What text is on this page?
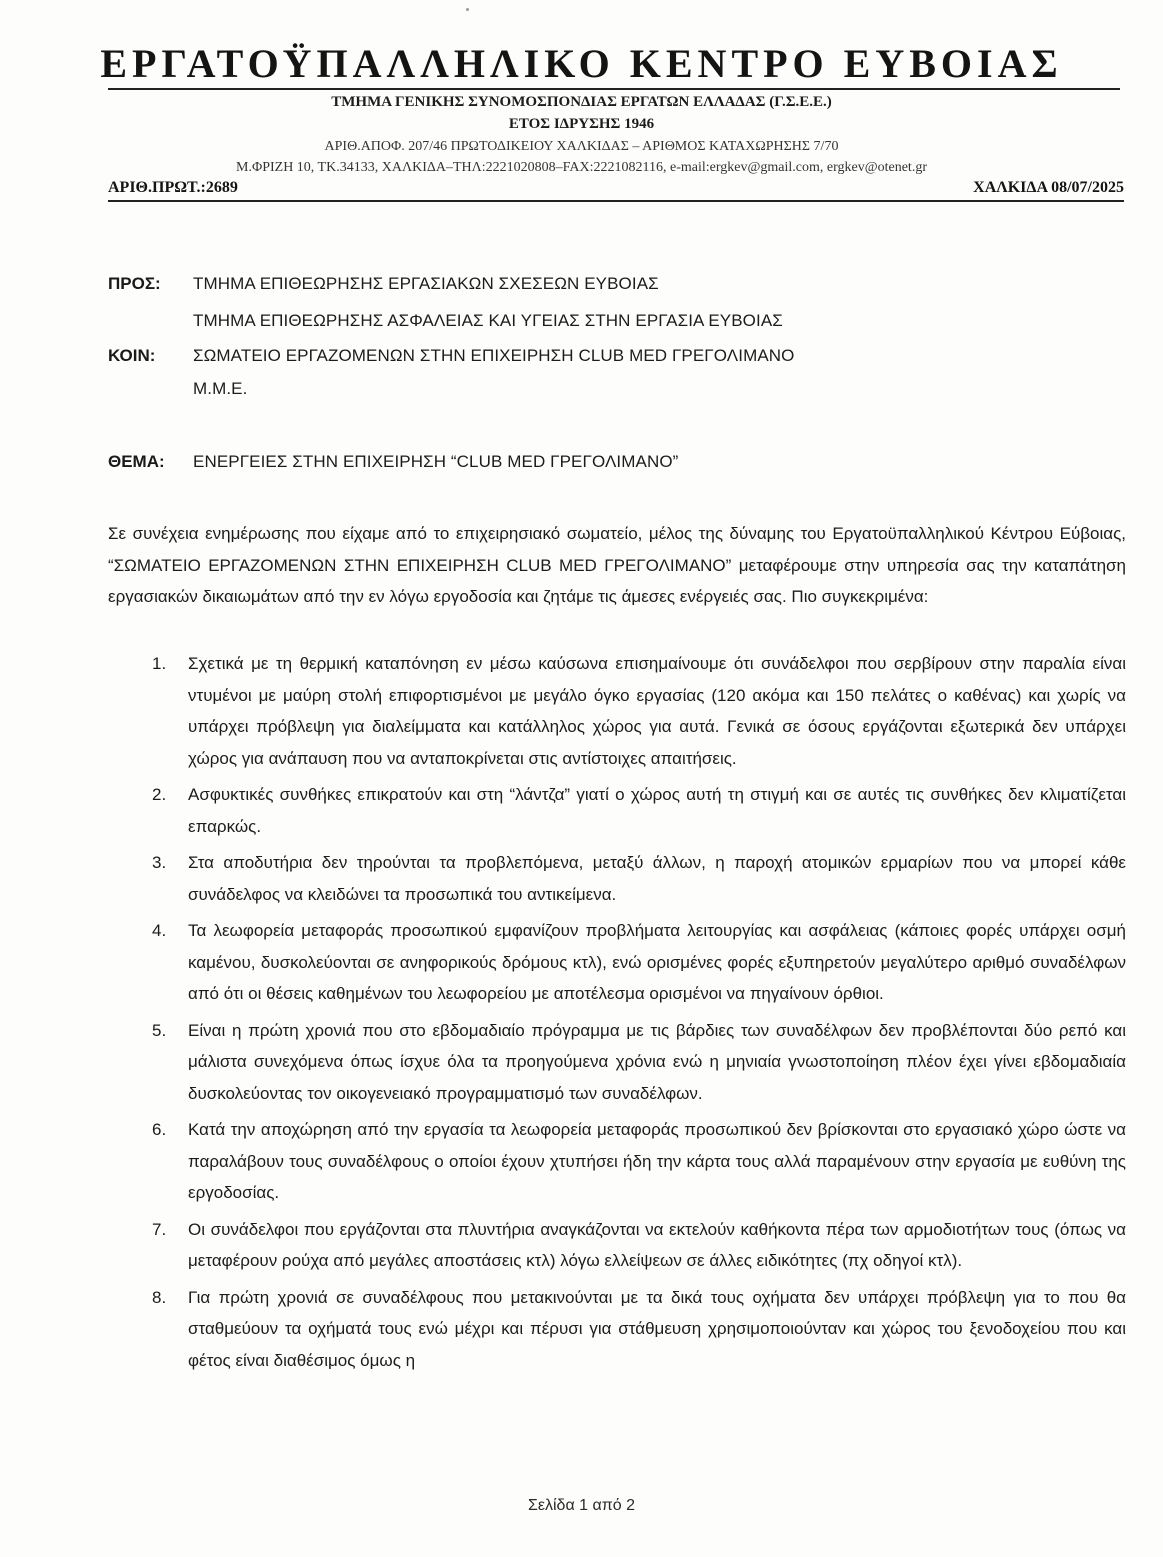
ΕΡΓΑΤΟΫΠΑΛΛΗΛΙΚΟ ΚΕΝΤΡΟ ΕΥΒΟΙΑΣ
ΤΜΗΜΑ ΓΕΝΙΚΗΣ ΣΥΝΟΜΟΣΠΟΝΔΙΑΣ ΕΡΓΑΤΩΝ ΕΛΛΑΔΑΣ (Γ.Σ.Ε.Ε.)
ΕΤΟΣ ΙΔΡΥΣΗΣ 1946
ΑΡΙΘ.ΑΠΟΦ. 207/46 ΠΡΩΤΟΔΙΚΕΙΟΥ ΧΑΛΚΙΔΑΣ – ΑΡΙΘΜΟΣ ΚΑΤΑΧΩΡΗΣΗΣ 7/70
Μ.ΦΡΙΖΗ 10, ΤΚ.34133, ΧΑΛΚΙΔΑ–ΤΗΛ:2221020808–FAX:2221082116, e-mail:ergkev@gmail.com, ergkev@otenet.gr
ΑΡΙΘ.ΠΡΩΤ.:2689	ΧΑΛΚΙΔΑ 08/07/2025
ΠΡΟΣ: ΤΜΗΜΑ ΕΠΙΘΕΩΡΗΣΗΣ ΕΡΓΑΣΙΑΚΩΝ ΣΧΕΣΕΩΝ ΕΥΒΟΙΑΣ
ΤΜΗΜΑ ΕΠΙΘΕΩΡΗΣΗΣ ΑΣΦΑΛΕΙΑΣ ΚΑΙ ΥΓΕΙΑΣ ΣΤΗΝ ΕΡΓΑΣΙΑ ΕΥΒΟΙΑΣ
ΚΟΙΝ: ΣΩΜΑΤΕΙΟ ΕΡΓΑΖΟΜΕΝΩΝ ΣΤΗΝ ΕΠΙΧΕΙΡΗΣΗ CLUB MED ΓΡΕΓΟΛΙΜΑΝΟ
Μ.Μ.Ε.
ΘΕΜΑ: ΕΝΕΡΓΕΙΕΣ ΣΤΗΝ ΕΠΙΧΕΙΡΗΣΗ “CLUB MED ΓΡΕΓΟΛΙΜΑΝΟ”
Σε συνέχεια ενημέρωσης που είχαμε από το επιχειρησιακό σωματείο, μέλος της δύναμης του Εργατοϋπαλληλικού Κέντρου Εύβοιας, “ΣΩΜΑΤΕΙΟ ΕΡΓΑΖΟΜΕΝΩΝ ΣΤΗΝ ΕΠΙΧΕΙΡΗΣΗ CLUB MED ΓΡΕΓΟΛΙΜΑΝΟ” μεταφέρουμε στην υπηρεσία σας την καταπάτηση εργασιακών δικαιωμάτων από την εν λόγω εργοδοσία και ζητάμε τις άμεσες ενέργειές σας. Πιο συγκεκριμένα:
1. Σχετικά με τη θερμική καταπόνηση εν μέσω καύσωνα επισημαίνουμε ότι συνάδελφοι που σερβίρουν στην παραλία είναι ντυμένοι με μαύρη στολή επιφορτισμένοι με μεγάλο όγκο εργασίας (120 ακόμα και 150 πελάτες ο καθένας) και χωρίς να υπάρχει πρόβλεψη για διαλείμματα και κατάλληλος χώρος για αυτά. Γενικά σε όσους εργάζονται εξωτερικά δεν υπάρχει χώρος για ανάπαυση που να ανταποκρίνεται στις αντίστοιχες απαιτήσεις.
2. Ασφυκτικές συνθήκες επικρατούν και στη “λάντζα” γιατί ο χώρος αυτή τη στιγμή και σε αυτές τις συνθήκες δεν κλιματίζεται επαρκώς.
3. Στα αποδυτήρια δεν τηρούνται τα προβλεπόμενα, μεταξύ άλλων, η παροχή ατομικών ερμαρίων που να μπορεί κάθε συνάδελφος να κλειδώνει τα προσωπικά του αντικείμενα.
4. Τα λεωφορεία μεταφοράς προσωπικού εμφανίζουν προβλήματα λειτουργίας και ασφάλειας (κάποιες φορές υπάρχει οσμή καμένου, δυσκολεύονται σε ανηφορικούς δρόμους κτλ), ενώ ορισμένες φορές εξυπηρετούν μεγαλύτερο αριθμό συναδέλφων από ότι οι θέσεις καθημένων του λεωφορείου με αποτέλεσμα ορισμένοι να πηγαίνουν όρθιοι.
5. Είναι η πρώτη χρονιά που στο εβδομαδιαίο πρόγραμμα με τις βάρδιες των συναδέλφων δεν προβλέπονται δύο ρεπό και μάλιστα συνεχόμενα όπως ίσχυε όλα τα προηγούμενα χρόνια ενώ η μηνιαία γνωστοποίηση πλέον έχει γίνει εβδομαδιαία δυσκολεύοντας τον οικογενειακό προγραμματισμό των συναδέλφων.
6. Κατά την αποχώρηση από την εργασία τα λεωφορεία μεταφοράς προσωπικού δεν βρίσκονται στο εργασιακό χώρο ώστε να παραλάβουν τους συναδέλφους ο οποίοι έχουν χτυπήσει ήδη την κάρτα τους αλλά παραμένουν στην εργασία με ευθύνη της εργοδοσίας.
7. Οι συνάδελφοι που εργάζονται στα πλυντήρια αναγκάζονται να εκτελούν καθήκοντα πέρα των αρμοδιοτήτων τους (όπως να μεταφέρουν ρούχα από μεγάλες αποστάσεις κτλ) λόγω ελλείψεων σε άλλες ειδικότητες (πχ οδηγοί κτλ).
8. Για πρώτη χρονιά σε συναδέλφους που μετακινούνται με τα δικά τους οχήματα δεν υπάρχει πρόβλεψη για το που θα σταθμεύουν τα οχήματά τους ενώ μέχρι και πέρυσι για στάθμευση χρησιμοποιούνταν και χώρος του ξενοδοχείου που και φέτος είναι διαθέσιμος όμως η
Σελίδα 1 από 2
